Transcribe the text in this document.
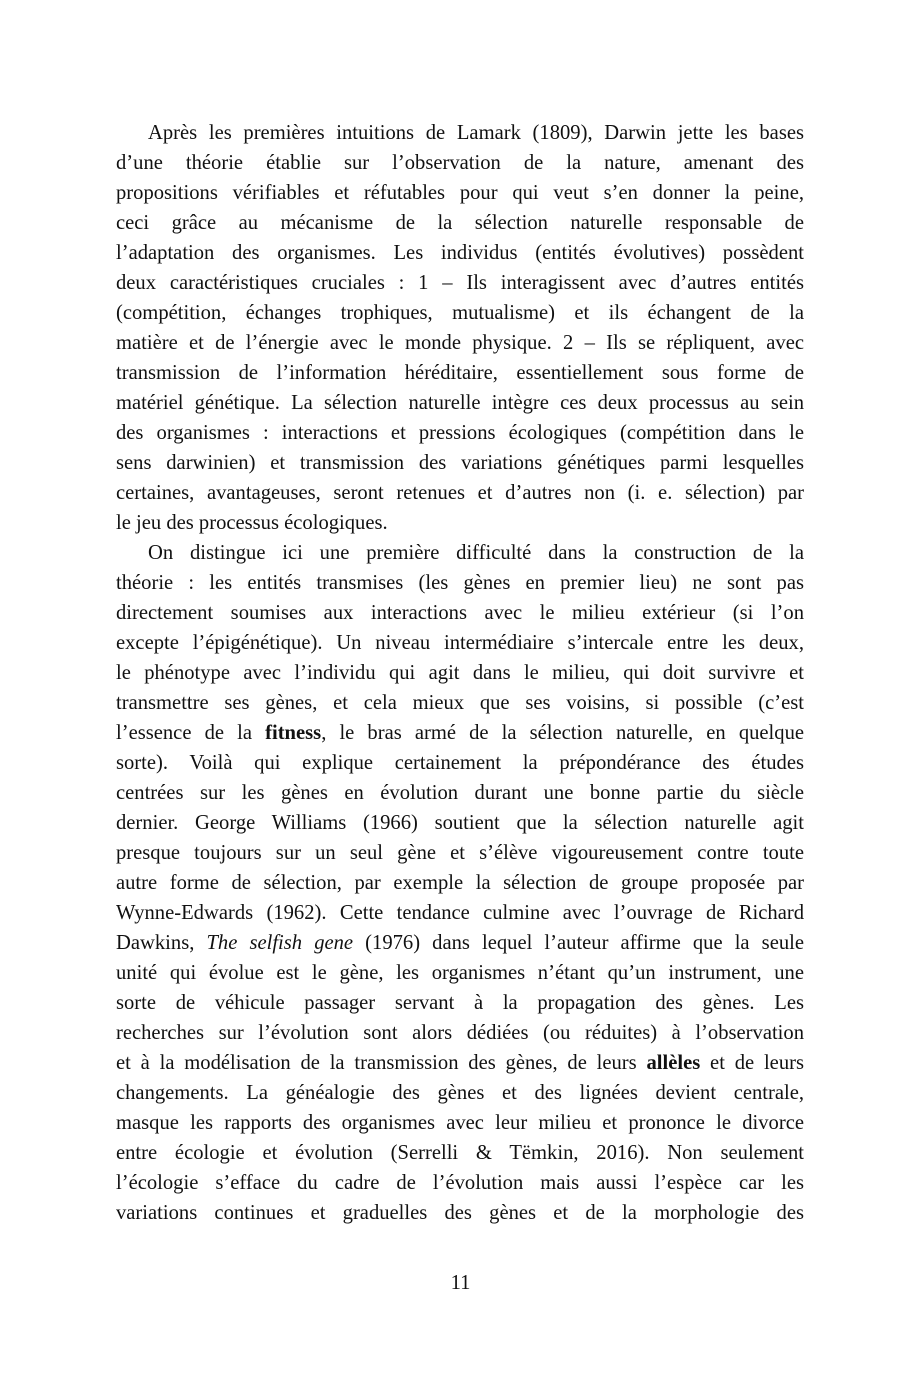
Après les premières intuitions de Lamark (1809), Darwin jette les bases
d’une théorie établie sur l’observation de la nature, amenant des
propositions vérifiables et réfutables pour qui veut s’en donner la peine,
ceci grâce au mécanisme de la sélection naturelle responsable de
l’adaptation des organismes. Les individus (entités évolutives) possèdent
deux caractéristiques cruciales : 1 – Ils interagissent avec d’autres entités
(compétition, échanges trophiques, mutualisme) et ils échangent de la
matière et de l’énergie avec le monde physique. 2 – Ils se répliquent, avec
transmission de l’information héréditaire, essentiellement sous forme de
matériel génétique. La sélection naturelle intègre ces deux processus au sein
des organismes : interactions et pressions écologiques (compétition dans le
sens darwinien) et transmission des variations génétiques parmi lesquelles
certaines, avantageuses, seront retenues et d’autres non (i. e. sélection) par
le jeu des processus écologiques.
On distingue ici une première difficulté dans la construction de la
théorie : les entités transmises (les gènes en premier lieu) ne sont pas
directement soumises aux interactions avec le milieu extérieur (si l’on
excepte l’épigénétique). Un niveau intermédiaire s’intercale entre les deux,
le phénotype avec l’individu qui agit dans le milieu, qui doit survivre et
transmettre ses gènes, et cela mieux que ses voisins, si possible (c’est
l’essence de la fitness, le bras armé de la sélection naturelle, en quelque
sorte). Voilà qui explique certainement la prépondérance des études
centrées sur les gènes en évolution durant une bonne partie du siècle
dernier. George Williams (1966) soutient que la sélection naturelle agit
presque toujours sur un seul gène et s’élève vigoureusement contre toute
autre forme de sélection, par exemple la sélection de groupe proposée par
Wynne-Edwards (1962). Cette tendance culmine avec l’ouvrage de Richard
Dawkins, The selfish gene (1976) dans lequel l’auteur affirme que la seule
unité qui évolue est le gène, les organismes n’étant qu’un instrument, une
sorte de véhicule passager servant à la propagation des gènes. Les
recherches sur l’évolution sont alors dédiées (ou réduites) à l’observation
et à la modélisation de la transmission des gènes, de leurs allèles et de leurs
changements. La généalogie des gènes et des lignées devient centrale,
masque les rapports des organismes avec leur milieu et prononce le divorce
entre écologie et évolution (Serrelli & Tëmkin, 2016). Non seulement
l’écologie s’efface du cadre de l’évolution mais aussi l’espèce car les
variations continues et graduelles des gènes et de la morphologie des
11
